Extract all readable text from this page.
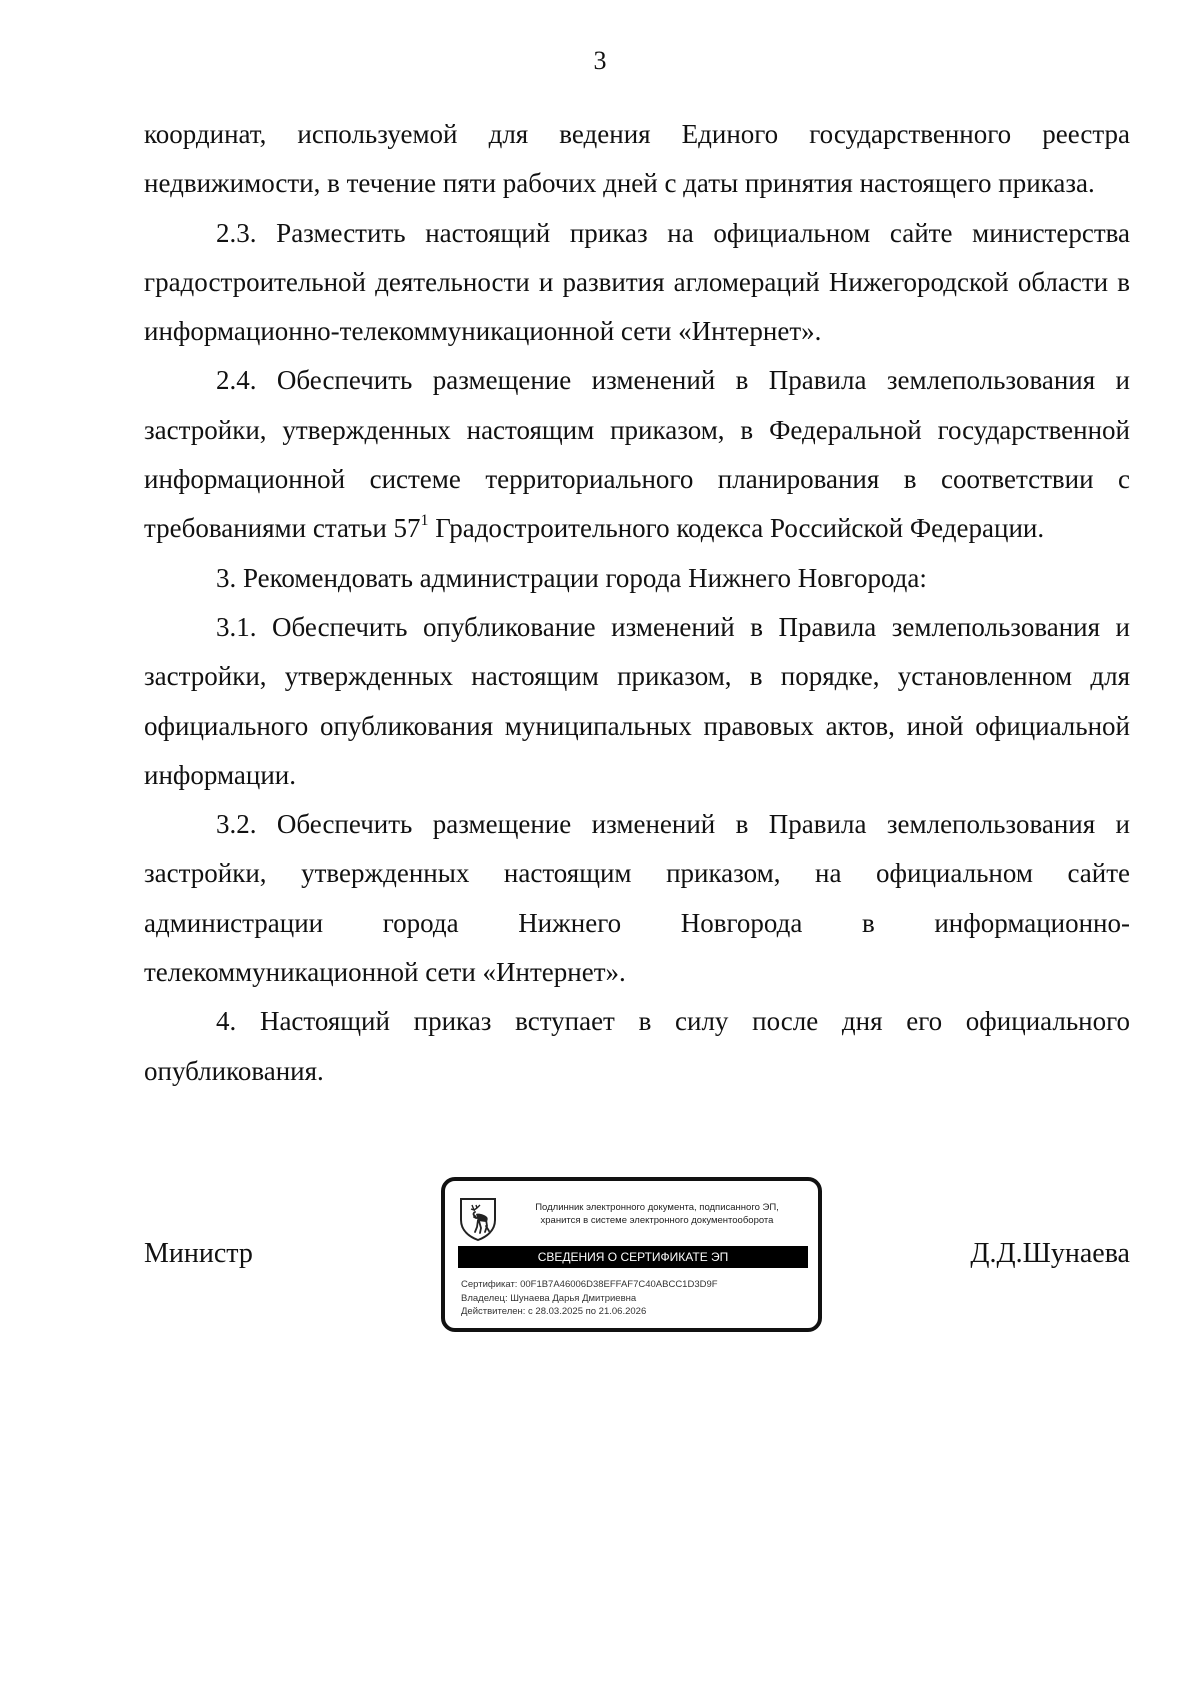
3

координат, используемой для ведения Единого государственного реестра недвижимости, в течение пяти рабочих дней с даты принятия настоящего приказа.

2.3. Разместить настоящий приказ на официальном сайте министерства градостроительной деятельности и развития агломераций Нижегородской области в информационно-телекоммуникационной сети «Интернет».

2.4. Обеспечить размещение изменений в Правила землепользования и застройки, утвержденных настоящим приказом, в Федеральной государственной информационной системе территориального планирования в соответствии с требованиями статьи $57^1$ Градостроительного кодекса Российской Федерации.

3. Рекомендовать администрации города Нижнего Новгорода:

3.1. Обеспечить опубликование изменений в Правила землепользования и застройки, утвержденных настоящим приказом, в порядке, установленном для официального опубликования муниципальных правовых актов, иной официальной информации.

3.2. Обеспечить размещение изменений в Правила землепользования и застройки, утвержденных настоящим приказом, на официальном сайте администрации города Нижнего Новгорода в информационно-телекоммуникационной сети «Интернет».

4. Настоящий приказ вступает в силу после дня его официального опубликования.

Министр	Д.Д.Шунаева
Подлинник электронного документа, подписанного ЭП,
хранится в системе электронного документооборота
СВЕДЕНИЯ О СЕРТИФИКАТЕ ЭП
Сертификат: 00F1B7A46006D38EFFAF7C40ABCC1D3D9F
Владелец: Шунаева Дарья Дмитриевна
Действителен: с 28.03.2025 по 21.06.2026
